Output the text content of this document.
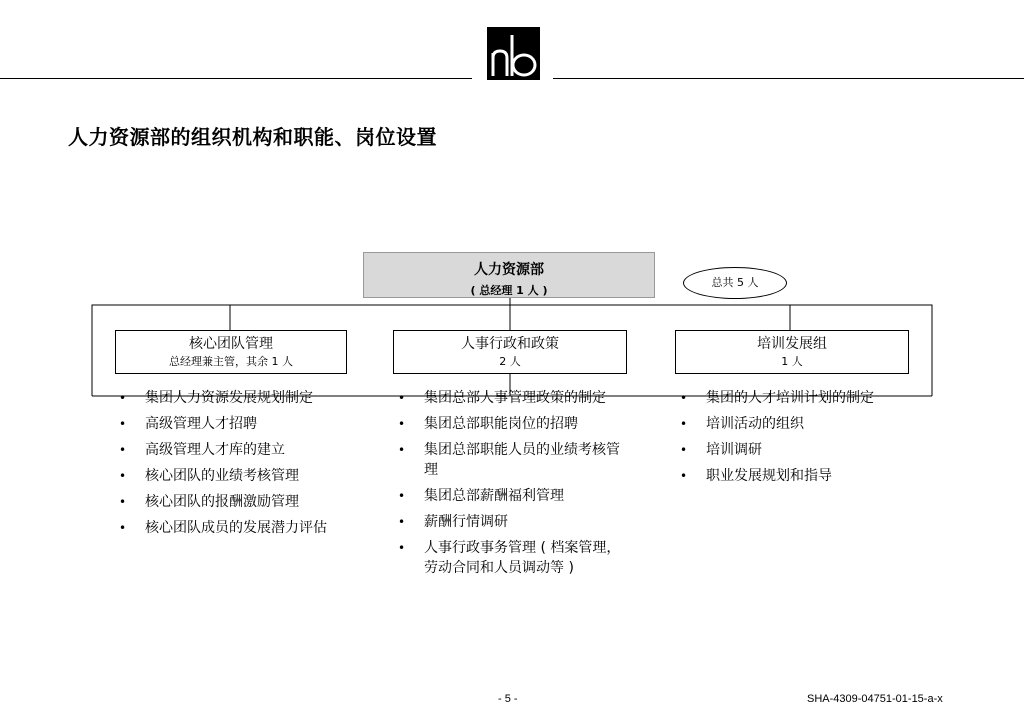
人力资源部的组织机构和职能、岗位设置
人力资源部
( 总经理 1 人 )
总共 5 人
核心团队管理
总经理兼主管，其余 1 人
人事行政和政策
2 人
培训发展组
1 人
• 集团人力资源发展规划制定
• 高级管理人才招聘
• 高级管理人才库的建立
• 核心团队的业绩考核管理
• 核心团队的报酬激励管理
• 核心团队成员的发展潜力评估
• 集团总部人事管理政策的制定
• 集团总部职能岗位的招聘
• 集团总部职能人员的业绩考核管理
• 集团总部薪酬福利管理
• 薪酬行情调研
• 人事行政事务管理 ( 档案管理，劳动合同和人员调动等 )
• 集团的人才培训计划的制定
• 培训活动的组织
• 培训调研
• 职业发展规划和指导
- 5 -	SHA-4309-04751-01-15-a-x
